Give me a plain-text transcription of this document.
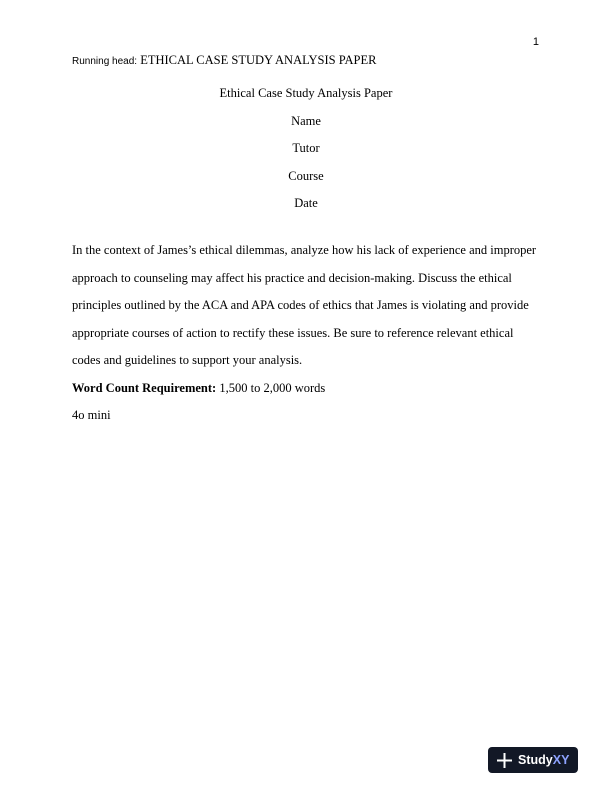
1
Running head: ETHICAL CASE STUDY ANALYSIS PAPER
Ethical Case Study Analysis Paper
Name
Tutor
Course
Date

In the context of James’s ethical dilemmas, analyze how his lack of experience and improper approach to counseling may affect his practice and decision-making. Discuss the ethical principles outlined by the ACA and APA codes of ethics that James is violating and provide appropriate courses of action to rectify these issues. Be sure to reference relevant ethical codes and guidelines to support your analysis.

Word Count Requirement: 1,500 to 2,000 words

4o mini

Study XY
